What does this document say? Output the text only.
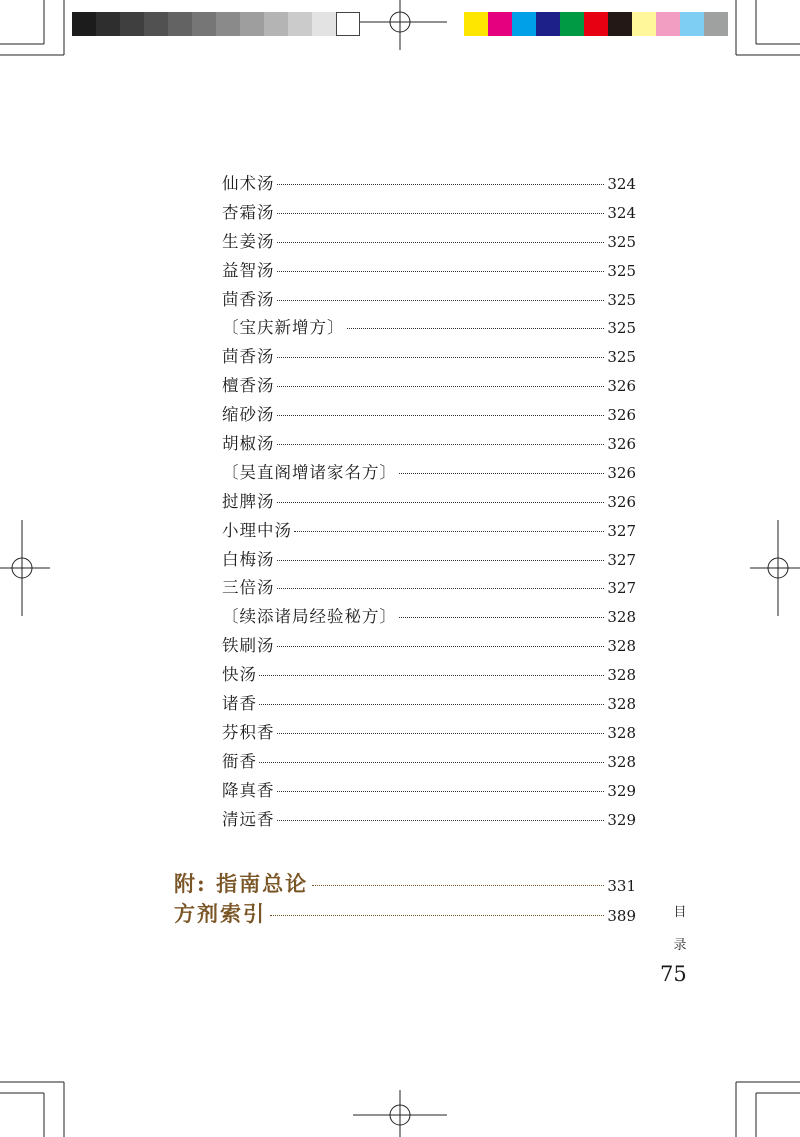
仙术汤	324
杏霜汤	324
生姜汤	325
益智汤	325
茴香汤	325
〔宝庆新增方〕	325
茴香汤	325
檀香汤	326
缩砂汤	326
胡椒汤	326
〔吴直阁增诸家名方〕	326
挝脾汤	326
小理中汤	327
白梅汤	327
三倍汤	327
〔续添诸局经验秘方〕	328
铁刷汤	328
快汤	328
诸香	328
芬积香	328
衙香	328
降真香	329
清远香	329
附: 指南总论	331
方剂索引	389	目
录
75
